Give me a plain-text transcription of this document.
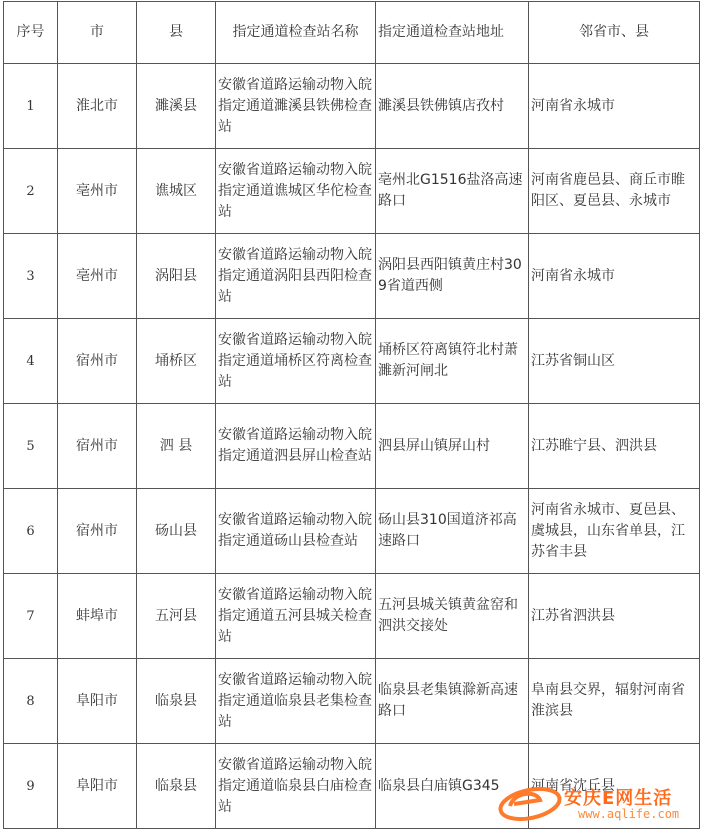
序号	市	县	指定通道检查站名称	指定通道检查站地址	邻省市、县
1	淮北市	濉溪县	安徽省道路运输动物入皖指定通道濉溪县铁佛检查站	濉溪县铁佛镇店孜村	河南省永城市
2	亳州市	谯城区	安徽省道路运输动物入皖指定通道谯城区华佗检查站	亳州北G1516盐洛高速路口	河南省鹿邑县、商丘市睢阳区、夏邑县、永城市
3	亳州市	涡阳县	安徽省道路运输动物入皖指定通道涡阳县西阳检查站	涡阳县西阳镇黄庄村309省道西侧	河南省永城市
4	宿州市	埇桥区	安徽省道路运输动物入皖指定通道埇桥区符离检查站	埇桥区符离镇符北村萧濉新河闸北	江苏省铜山区
5	宿州市	泗 县	安徽省道路运输动物入皖指定通道泗县屏山检查站	泗县屏山镇屏山村	江苏睢宁县、泗洪县
6	宿州市	砀山县	安徽省道路运输动物入皖指定通道砀山县检查站	砀山县310国道济祁高速路口	河南省永城市、夏邑县、虞城县，山东省单县，江苏省丰县
7	蚌埠市	五河县	安徽省道路运输动物入皖指定通道五河县城关检查站	五河县城关镇黄盆窑和泗洪交接处	江苏省泗洪县
8	阜阳市	临泉县	安徽省道路运输动物入皖指定通道临泉县老集检查站	临泉县老集镇滁新高速路口	阜南县交界，辐射河南省淮滨县
9	阜阳市	临泉县	安徽省道路运输动物入皖指定通道临泉县白庙检查站	临泉县白庙镇G345	河南省沈丘县
安庆E网生活
www.aqlife.com
